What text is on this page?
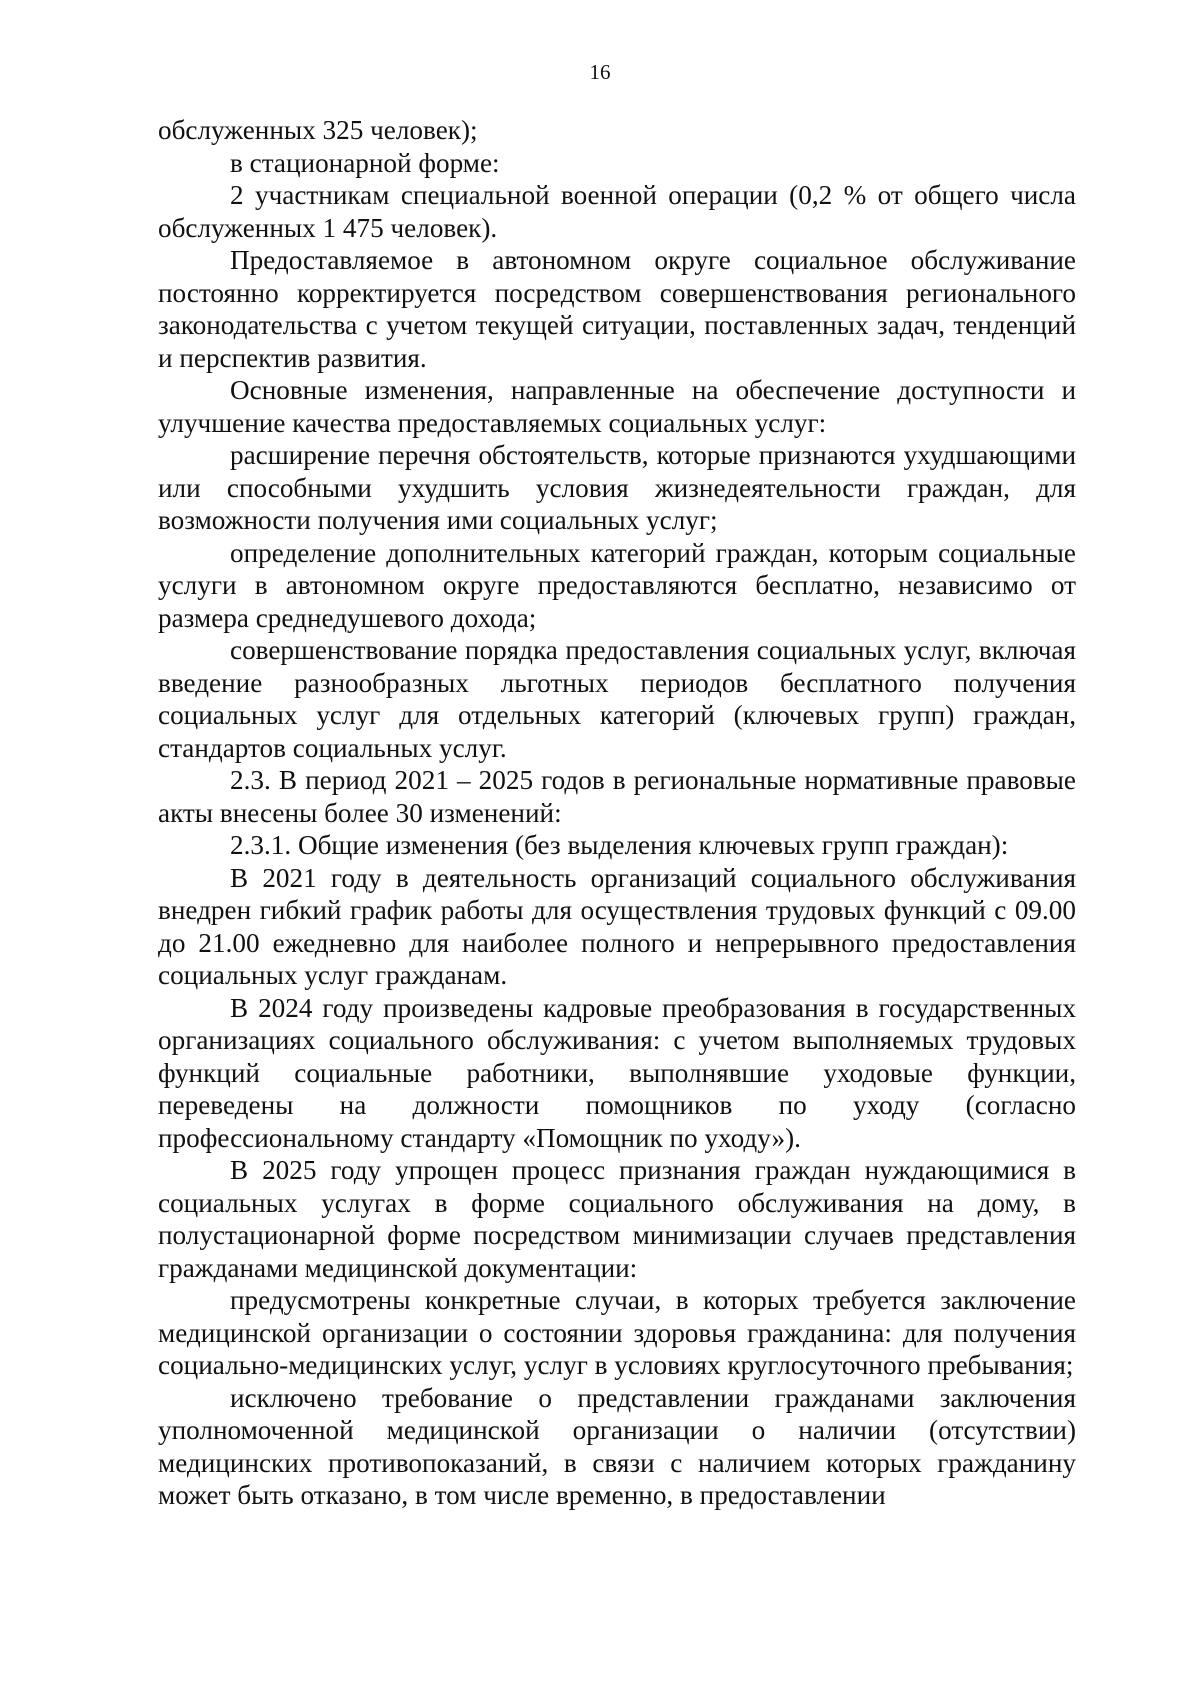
16

обслуженных 325 человек);

в стационарной форме:

2 участникам специальной военной операции (0,2 % от общего числа обслуженных 1 475 человек).

Предоставляемое в автономном округе социальное обслуживание постоянно корректируется посредством совершенствования регионального законодательства с учетом текущей ситуации, поставленных задач, тенденций и перспектив развития.

Основные изменения, направленные на обеспечение доступности и улучшение качества предоставляемых социальных услуг:

расширение перечня обстоятельств, которые признаются ухудшающими или способными ухудшить условия жизнедеятельности граждан, для возможности получения ими социальных услуг;

определение дополнительных категорий граждан, которым социальные услуги в автономном округе предоставляются бесплатно, независимо от размера среднедушевого дохода;

совершенствование порядка предоставления социальных услуг, включая введение разнообразных льготных периодов бесплатного получения социальных услуг для отдельных категорий (ключевых групп) граждан, стандартов социальных услуг.

2.3. В период 2021 – 2025 годов в региональные нормативные правовые акты внесены более 30 изменений:

2.3.1. Общие изменения (без выделения ключевых групп граждан):

В 2021 году в деятельность организаций социального обслуживания внедрен гибкий график работы для осуществления трудовых функций с 09.00 до 21.00 ежедневно для наиболее полного и непрерывного предоставления социальных услуг гражданам.

В 2024 году произведены кадровые преобразования в государственных организациях социального обслуживания: с учетом выполняемых трудовых функций социальные работники, выполнявшие уходовые функции, переведены на должности помощников по уходу (согласно профессиональному стандарту «Помощник по уходу»).

В 2025 году упрощен процесс признания граждан нуждающимися в социальных услугах в форме социального обслуживания на дому, в полустационарной форме посредством минимизации случаев представления гражданами медицинской документации:

предусмотрены конкретные случаи, в которых требуется заключение медицинской организации о состоянии здоровья гражданина: для получения социально-медицинских услуг, услуг в условиях круглосуточного пребывания;

исключено требование о представлении гражданами заключения уполномоченной медицинской организации о наличии (отсутствии) медицинских противопоказаний, в связи с наличием которых гражданину может быть отказано, в том числе временно, в предоставлении
